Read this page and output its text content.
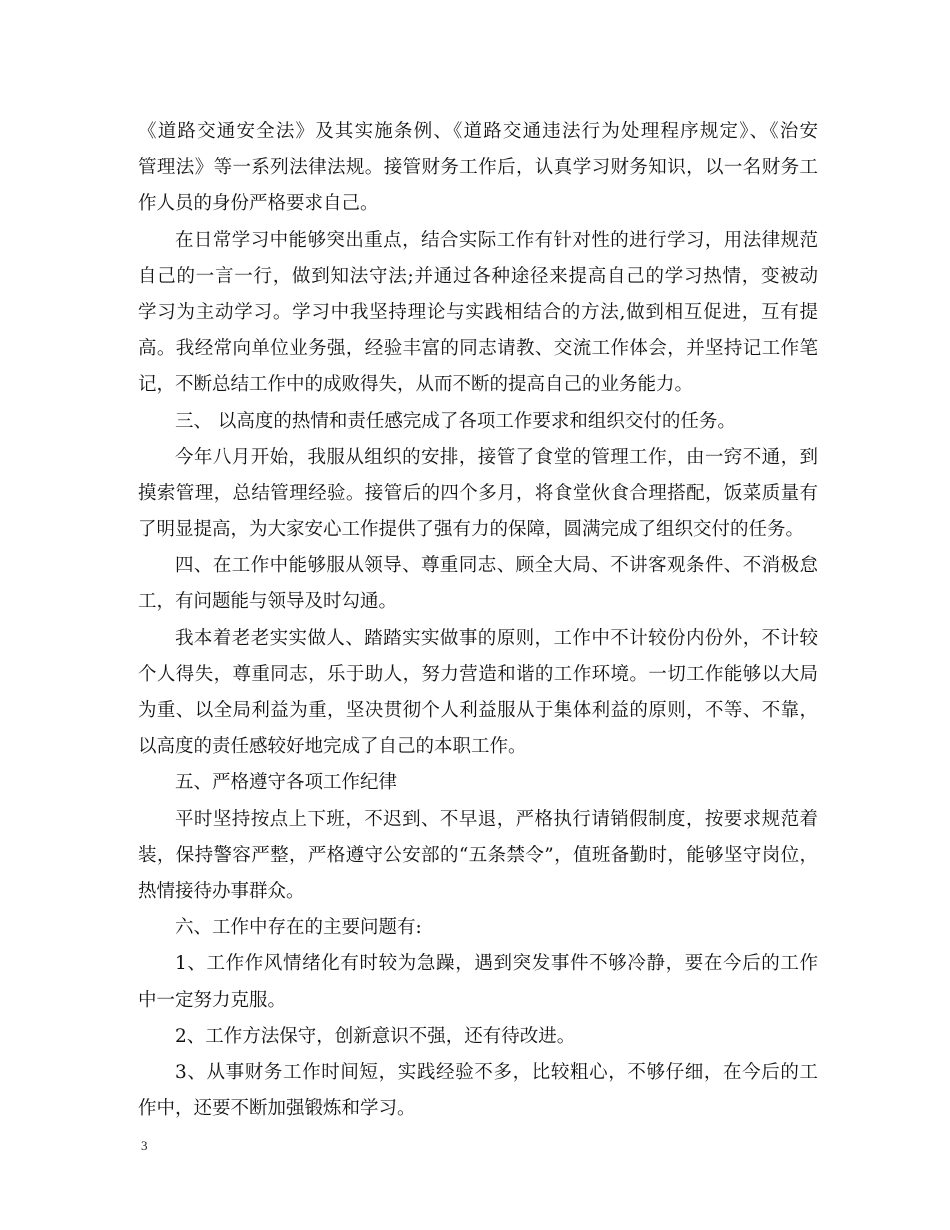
《道路交通安全法》及其实施条例、《道路交通违法行为处理程序规定》、《治安
管理法》等一系列法律法规。接管财务工作后，认真学习财务知识，以一名财务工
作人员的身份严格要求自己。
在日常学习中能够突出重点，结合实际工作有针对性的进行学习，用法律规范
自己的一言一行，做到知法守法;并通过各种途径来提高自己的学习热情，变被动
学习为主动学习。学习中我坚持理论与实践相结合的方法,做到相互促进，互有提
高。我经常向单位业务强，经验丰富的同志请教、交流工作体会，并坚持记工作笔
记，不断总结工作中的成败得失，从而不断的提高自己的业务能力。
三、 以高度的热情和责任感完成了各项工作要求和组织交付的任务。
今年八月开始，我服从组织的安排，接管了食堂的管理工作，由一窍不通，到
摸索管理，总结管理经验。接管后的四个多月，将食堂伙食合理搭配，饭菜质量有
了明显提高，为大家安心工作提供了强有力的保障，圆满完成了组织交付的任务。
四、在工作中能够服从领导、尊重同志、顾全大局、不讲客观条件、不消极怠
工，有问题能与领导及时勾通。
我本着老老实实做人、踏踏实实做事的原则，工作中不计较份内份外，不计较
个人得失，尊重同志，乐于助人，努力营造和谐的工作环境。一切工作能够以大局
为重、以全局利益为重，坚决贯彻个人利益服从于集体利益的原则，不等、不靠，
以高度的责任感较好地完成了自己的本职工作。
五、严格遵守各项工作纪律
平时坚持按点上下班，不迟到、不早退，严格执行请销假制度，按要求规范着
装，保持警容严整，严格遵守公安部的“五条禁令”，值班备勤时，能够坚守岗位，
热情接待办事群众。
六、工作中存在的主要问题有:
1、工作作风情绪化有时较为急躁，遇到突发事件不够冷静，要在今后的工作
中一定努力克服。
2、工作方法保守，创新意识不强，还有待改进。
3、从事财务工作时间短，实践经验不多，比较粗心，不够仔细，在今后的工
作中，还要不断加强锻炼和学习。
3
